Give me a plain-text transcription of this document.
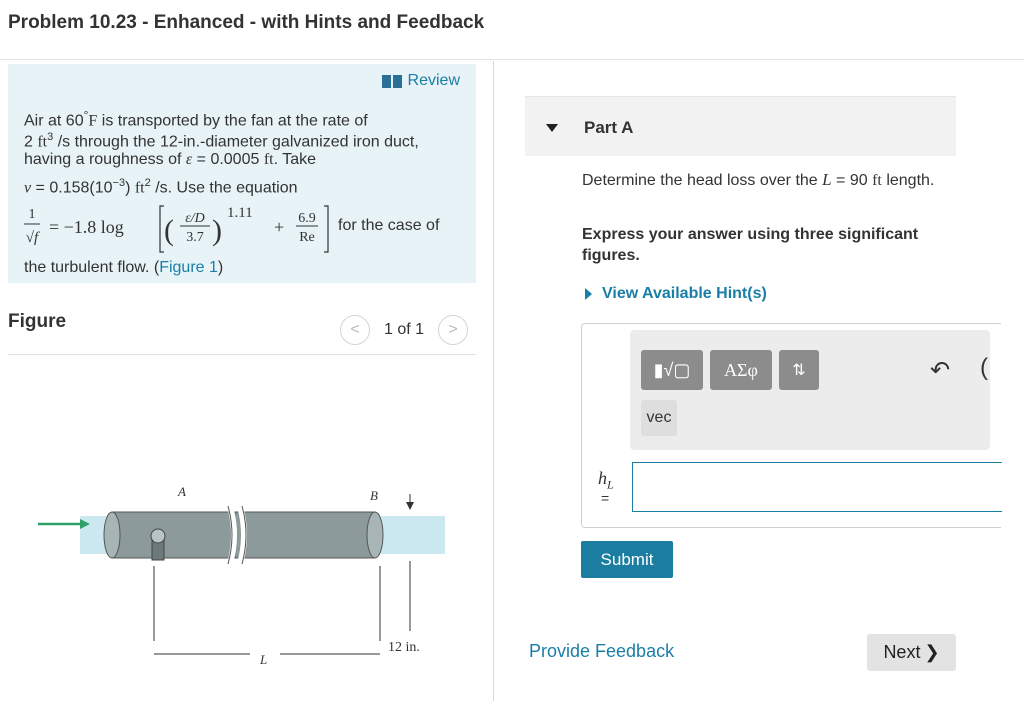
Problem 10.23 - Enhanced - with Hints and Feedback
Review
Air at 60°F is transported by the fan at the rate of
2 $ft^3$ /s through the 12-in.-diameter galvanized iron duct,
having a roughness of ε = 0.0005 ft. Take
$\nu = 0.158(10^{-3})$ $ft^2$ /s. Use the equation
1
√f
= −1.8 log ( ε/D
3.7 )
1.11
+ 6.9
Re
for the case of
the turbulent flow. (Figure 1)
Figure	<	1 of 1	>
A	B
L
12 in.
Part A
Determine the head loss over the L = 90 ft length.
Express your answer using three significant figures.
View Available Hint(s)
▮√▢	ΑΣφ	⇅	↶ (
vec
$h_L$
=
Submit
Provide Feedback	Next ❯
